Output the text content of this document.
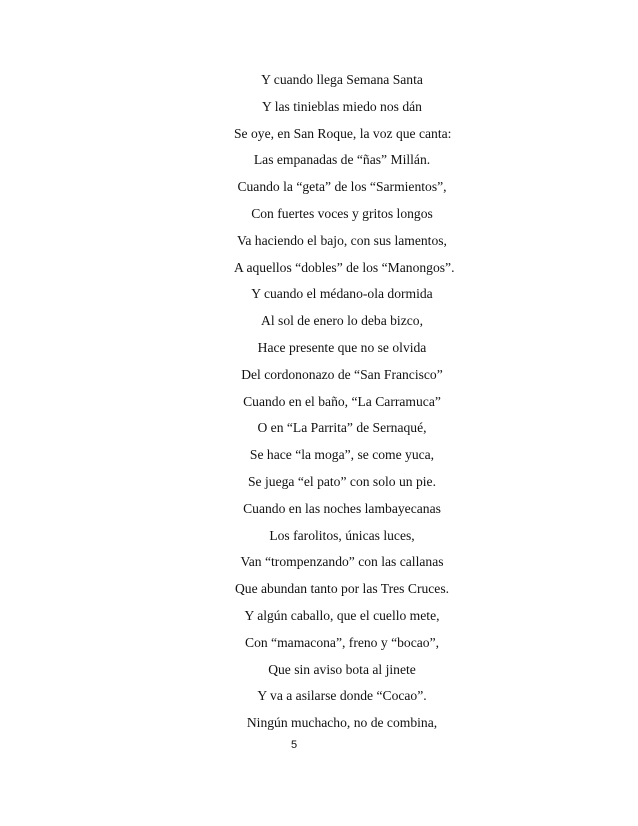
Y cuando llega Semana Santa
Y las tinieblas miedo nos dán
Se oye, en San Roque, la voz que canta:
Las empanadas de “ñas” Millán.
Cuando la “geta” de los “Sarmientos”,
Con fuertes voces y gritos longos
Va haciendo el bajo, con sus lamentos,
A aquellos “dobles” de los “Manongos”.
Y cuando el médano-ola dormida
Al sol de enero lo deba bizco,
Hace presente que no se olvida
Del cordononazo de “San Francisco”
Cuando en el baño, “La Carramuca”
O en “La Parrita” de Sernaqué,
Se hace “la moga”, se come yuca,
Se juega “el pato” con solo un pie.
Cuando en las noches lambayecanas
Los farolitos, únicas luces,
Van “trompenzando” con las callanas
Que abundan tanto por las Tres Cruces.
Y algún caballo, que el cuello mete,
Con “mamacona”, freno y “bocao”,
Que sin aviso bota al jinete
Y va a asilarse donde “Cocao”.
Ningún muchacho, no de combina,
5
